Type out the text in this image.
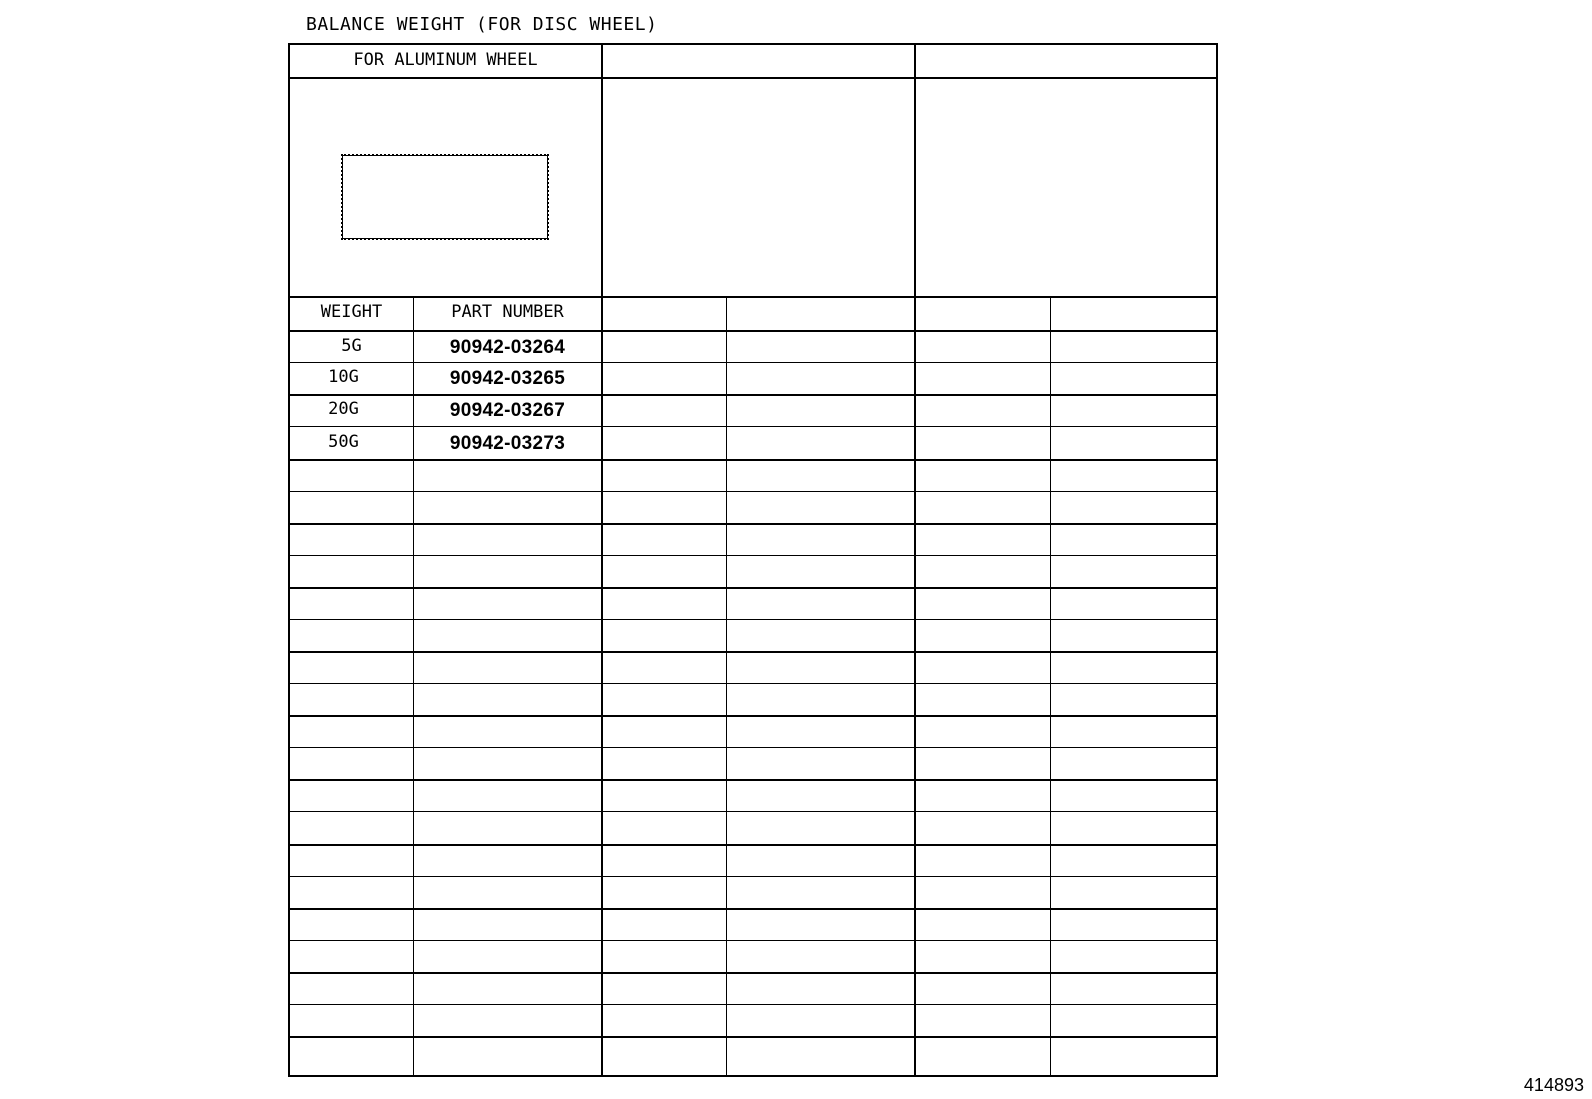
BALANCE WEIGHT (FOR DISC WHEEL)
FOR ALUMINUM WHEEL
WEIGHT	PART NUMBER
5G	90942-03264
10G	90942-03265
20G	90942-03267
50G	90942-03273
414893
